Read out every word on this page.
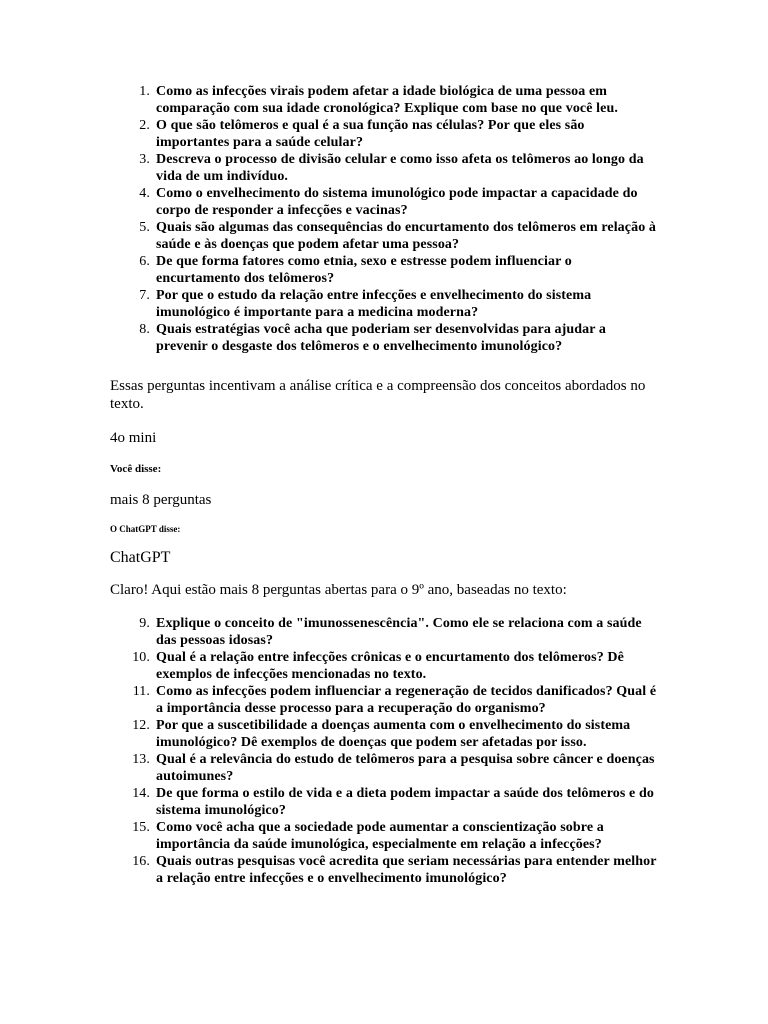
1. Como as infecções virais podem afetar a idade biológica de uma pessoa em comparação com sua idade cronológica? Explique com base no que você leu.
2. O que são telômeros e qual é a sua função nas células? Por que eles são importantes para a saúde celular?
3. Descreva o processo de divisão celular e como isso afeta os telômeros ao longo da vida de um indivíduo.
4. Como o envelhecimento do sistema imunológico pode impactar a capacidade do corpo de responder a infecções e vacinas?
5. Quais são algumas das consequências do encurtamento dos telômeros em relação à saúde e às doenças que podem afetar uma pessoa?
6. De que forma fatores como etnia, sexo e estresse podem influenciar o encurtamento dos telômeros?
7. Por que o estudo da relação entre infecções e envelhecimento do sistema imunológico é importante para a medicina moderna?
8. Quais estratégias você acha que poderiam ser desenvolvidas para ajudar a prevenir o desgaste dos telômeros e o envelhecimento imunológico?

Essas perguntas incentivam a análise crítica e a compreensão dos conceitos abordados no texto.

4o mini

Você disse:

mais 8 perguntas

O ChatGPT disse:

ChatGPT

Claro! Aqui estão mais 8 perguntas abertas para o 9º ano, baseadas no texto:

9. Explique o conceito de "imunossenescência". Como ele se relaciona com a saúde das pessoas idosas?
10. Qual é a relação entre infecções crônicas e o encurtamento dos telômeros? Dê exemplos de infecções mencionadas no texto.
11. Como as infecções podem influenciar a regeneração de tecidos danificados? Qual é a importância desse processo para a recuperação do organismo?
12. Por que a suscetibilidade a doenças aumenta com o envelhecimento do sistema imunológico? Dê exemplos de doenças que podem ser afetadas por isso.
13. Qual é a relevância do estudo de telômeros para a pesquisa sobre câncer e doenças autoimunes?
14. De que forma o estilo de vida e a dieta podem impactar a saúde dos telômeros e do sistema imunológico?
15. Como você acha que a sociedade pode aumentar a conscientização sobre a importância da saúde imunológica, especialmente em relação a infecções?
16. Quais outras pesquisas você acredita que seriam necessárias para entender melhor a relação entre infecções e o envelhecimento imunológico?
